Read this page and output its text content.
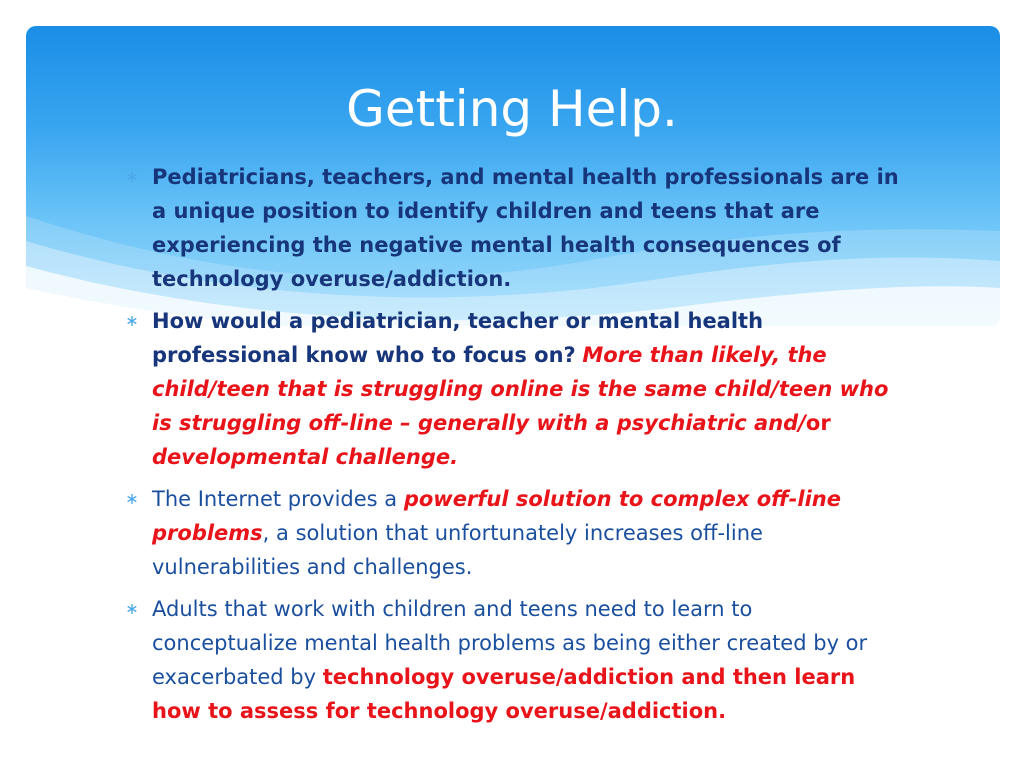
Getting Help.
∗ Pediatricians, teachers, and mental health professionals are in a unique position to identify children and teens that are experiencing the negative mental health consequences of technology overuse/addiction.
∗ How would a pediatrician, teacher or mental health professional know who to focus on? More than likely, the child/teen that is struggling online is the same child/teen who is struggling off-line – generally with a psychiatric and/or developmental challenge.
∗ The Internet provides a powerful solution to complex off-line problems, a solution that unfortunately increases off-line vulnerabilities and challenges.
∗ Adults that work with children and teens need to learn to conceptualize mental health problems as being either created by or exacerbated by technology overuse/addiction and then learn how to assess for technology overuse/addiction.
